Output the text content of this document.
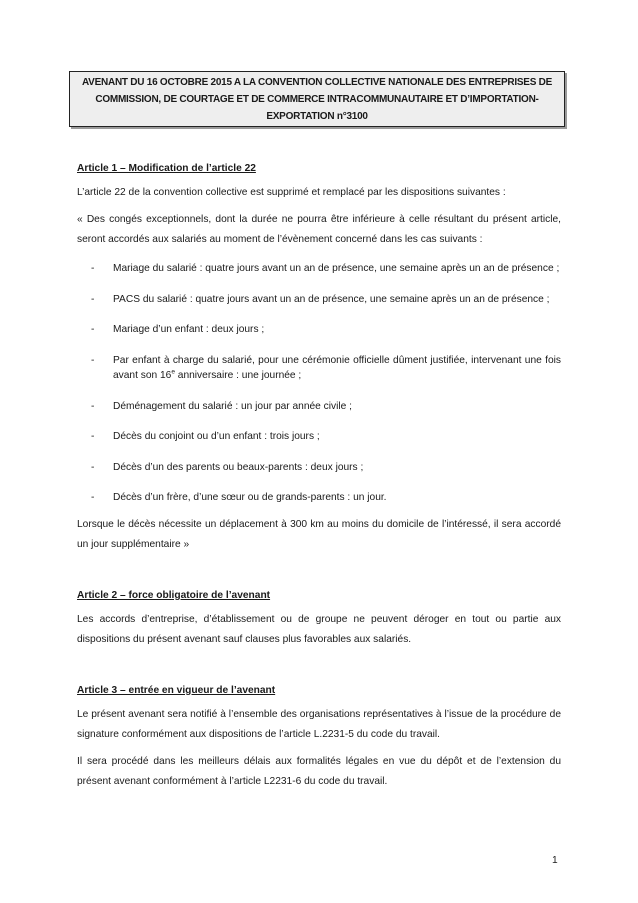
AVENANT DU 16 OCTOBRE 2015 A LA CONVENTION COLLECTIVE NATIONALE DES ENTREPRISES DE
COMMISSION, DE COURTAGE ET DE COMMERCE INTRACOMMUNAUTAIRE ET D’IMPORTATION-
EXPORTATION n°3100

Article 1 – Modification de l’article 22

L’article 22 de la convention collective est supprimé et remplacé par les dispositions suivantes :

« Des congés exceptionnels, dont la durée ne pourra être inférieure à celle résultant du présent article, seront accordés aux salariés au moment de l’évènement concerné dans les cas suivants :

- Mariage du salarié : quatre jours avant un an de présence, une semaine après un an de présence ;
- PACS du salarié : quatre jours avant un an de présence, une semaine après un an de présence ;
- Mariage d’un enfant : deux jours ;
- Par enfant à charge du salarié, pour une cérémonie officielle dûment justifiée, intervenant une fois avant son 16e anniversaire : une journée ;
- Déménagement du salarié : un jour par année civile ;
- Décès du conjoint ou d’un enfant : trois jours ;
- Décès d’un des parents ou beaux-parents : deux jours ;
- Décès d’un frère, d’une sœur ou de grands-parents : un jour.

Lorsque le décès nécessite un déplacement à 300 km au moins du domicile de l’intéressé, il sera accordé un jour supplémentaire »

Article 2 – force obligatoire de l’avenant

Les accords d’entreprise, d’établissement ou de groupe ne peuvent déroger en tout ou partie aux dispositions du présent avenant sauf clauses plus favorables aux salariés.

Article 3 – entrée en vigueur de l’avenant

Le présent avenant sera notifié à l’ensemble des organisations représentatives à l’issue de la procédure de signature conformément aux dispositions de l’article L.2231-5 du code du travail.

Il sera procédé dans les meilleurs délais aux formalités légales en vue du dépôt et de l’extension du présent avenant conformément à l’article L2231-6 du code du travail.

1
